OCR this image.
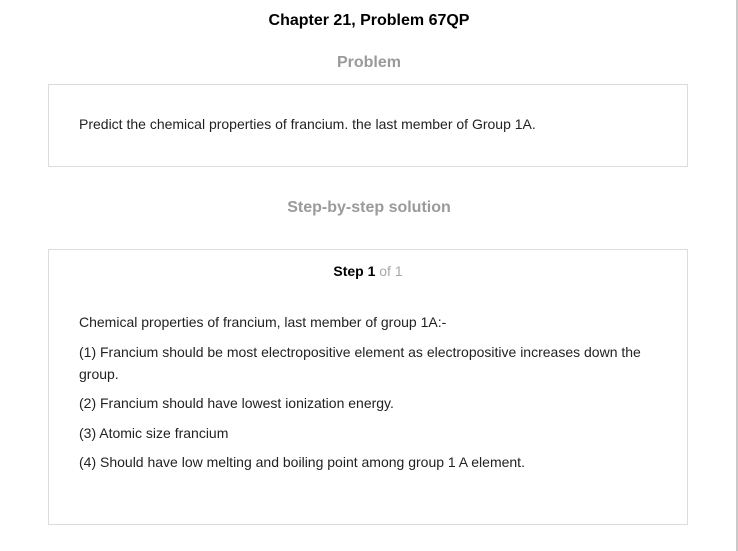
Chapter 21, Problem 67QP
Problem
Predict the chemical properties of francium. the last member of Group 1A.
Step-by-step solution
Step 1 of 1

Chemical properties of francium, last member of group 1A:-

(1) Francium should be most electropositive element as electropositive increases down the group.

(2) Francium should have lowest ionization energy.

(3) Atomic size francium

(4) Should have low melting and boiling point among group 1 A element.
